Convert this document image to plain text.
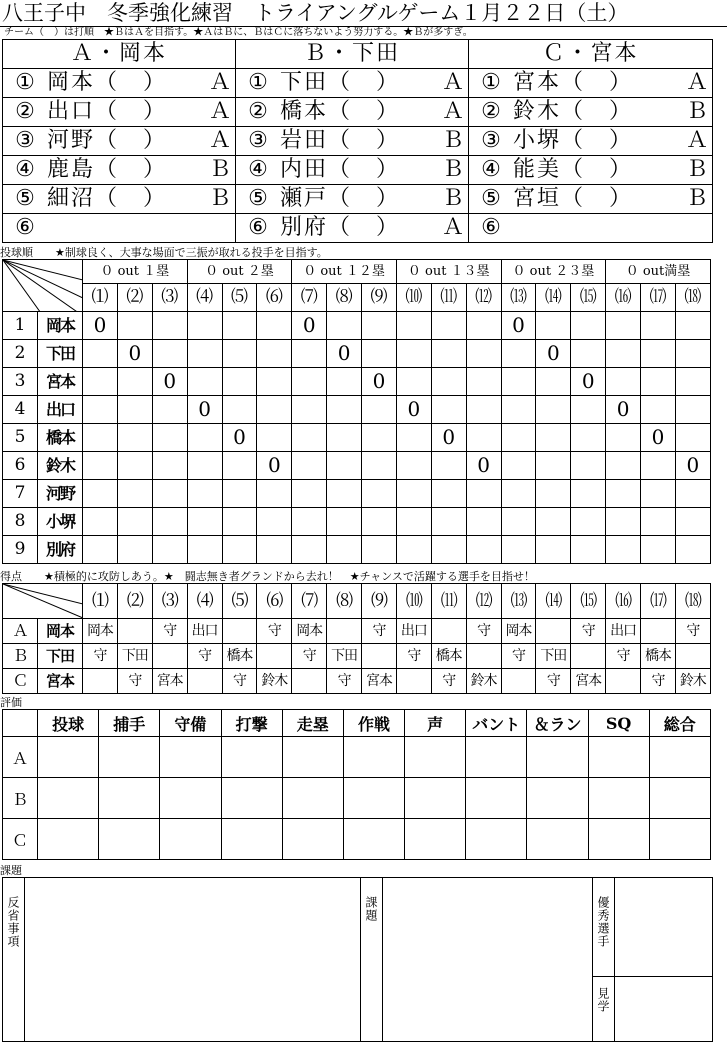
八王子中　冬季強化練習　トライアングルゲーム１月２２日（土）
チーム（　）は打順　★ＢはＡを目指す。★ＡはＢに、ＢはＣに落ちないよう努力する。★Ｂが多すぎ。
Ａ・岡本	Ｂ・下田	Ｃ・宮本

① 岡本（　） Ａ	① 下田（　） Ａ	① 宮本（　） Ａ

② 出口（　） Ａ	② 橋本（　） Ａ	② 鈴木（　） Ｂ

③ 河野（　） Ａ	③ 岩田（　） Ｂ	③ 小堺（　） Ａ

④ 鹿島（　） Ｂ	④ 内田（　） Ｂ	④ 能美（　） Ｂ

⑤ 細沼（　） Ｂ	⑤ 瀬戸（　） Ｂ	⑤ 宮垣（　） Ｂ

⑥	⑥ 別府（　） Ａ	⑥
投球順　　★制球良く、大事な場面で三振が取れる投手を目指す。
	０ out １塁			０ out ２塁			０ out １２塁			０ out １３塁			０ out ２３塁			０ out満塁		
		⑴	⑵	⑶	⑷	⑸	⑹	⑺	⑻	⑼	⑽	⑾	⑿	⒀	⒁	⒂	⒃	⒄	⒅
1	岡本	0						0						0					
2	下田		0						0						0				
3	宮本			0						0						0			
4	出口				0						0						0		
5	橋本					0						0						0	
6	鈴木						0						0						0
7	河野																		
8	小堺																		
9	別府																		
得点　　★積極的に攻防しあう。★　闘志無き者グランドから去れ！　★チャンスで活躍する選手を目指せ！
	⑴	⑵	⑶	⑷	⑸	⑹	⑺	⑻	⑼	⑽	⑾	⑿	⒀	⒁	⒂	⒃	⒄	⒅
Ａ	岡本	岡本		守	出口		守	岡本		守	出口		守	岡本		守	出口		守
Ｂ	下田	守	下田		守	橋本		守	下田		守	橋本		守	下田		守	橋本	
Ｃ	宮本		守	宮本		守	鈴木		守	宮本		守	鈴木		守	宮本		守	鈴木
評価
	投球	捕手	守備	打撃	走塁	作戦	声	バント	＆ラン	SQ	総合
Ａ											
Ｂ											
Ｃ											
課題
反省事項		課題		優秀選手	
				見学	
